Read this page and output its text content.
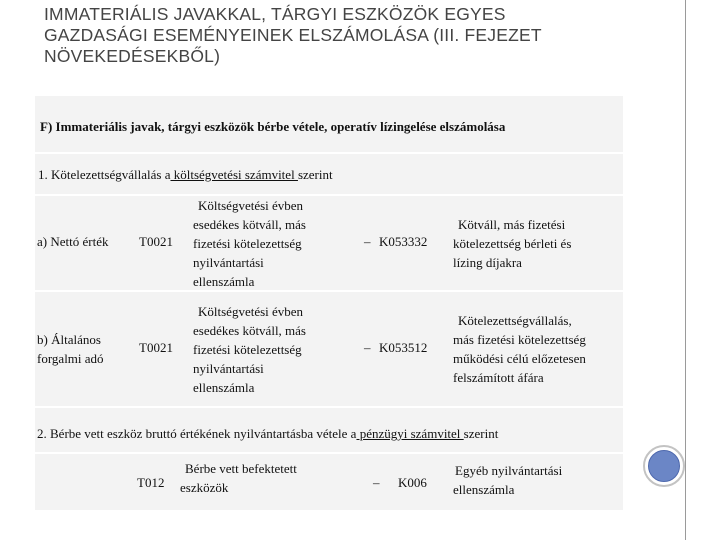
IMMATERIÁLIS JAVAKKAL, TÁRGYI ESZKÖZÖK EGYES
GAZDASÁGI ESEMÉNYEINEK ELSZÁMOLÁSA (III. FEJEZET
NÖVEKEDÉSEKBŐL)
F) Immateriális javak, tárgyi eszközök bérbe vétele, operatív lízingelése elszámolása
1. Kötelezettségvállalás a költségvetési számvitel szerint
a) Nettó érték T0021
Költségvetési évben
esedékes kötváll, más
fizetési kötelezettség
nyilvántartási
ellenszámla
– K053332
Kötváll, más fizetési
kötelezettség bérleti és
lízing díjakra
b) Általános forgalmi adó
T0021
Költségvetési évben
esedékes kötváll, más
fizetési kötelezettség
nyilvántartási
ellenszámla
– K053512
Kötelezettségvállalás,
más fizetési kötelezettség
működési célú előzetesen
felszámított áfára
2. Bérbe vett eszköz bruttó értékének nyilvántartásba vétele a pénzügyi számvitel szerint
T012
Bérbe vett befektetett
eszközök	– K006
Egyéb nyilvántartási
ellenszámla
